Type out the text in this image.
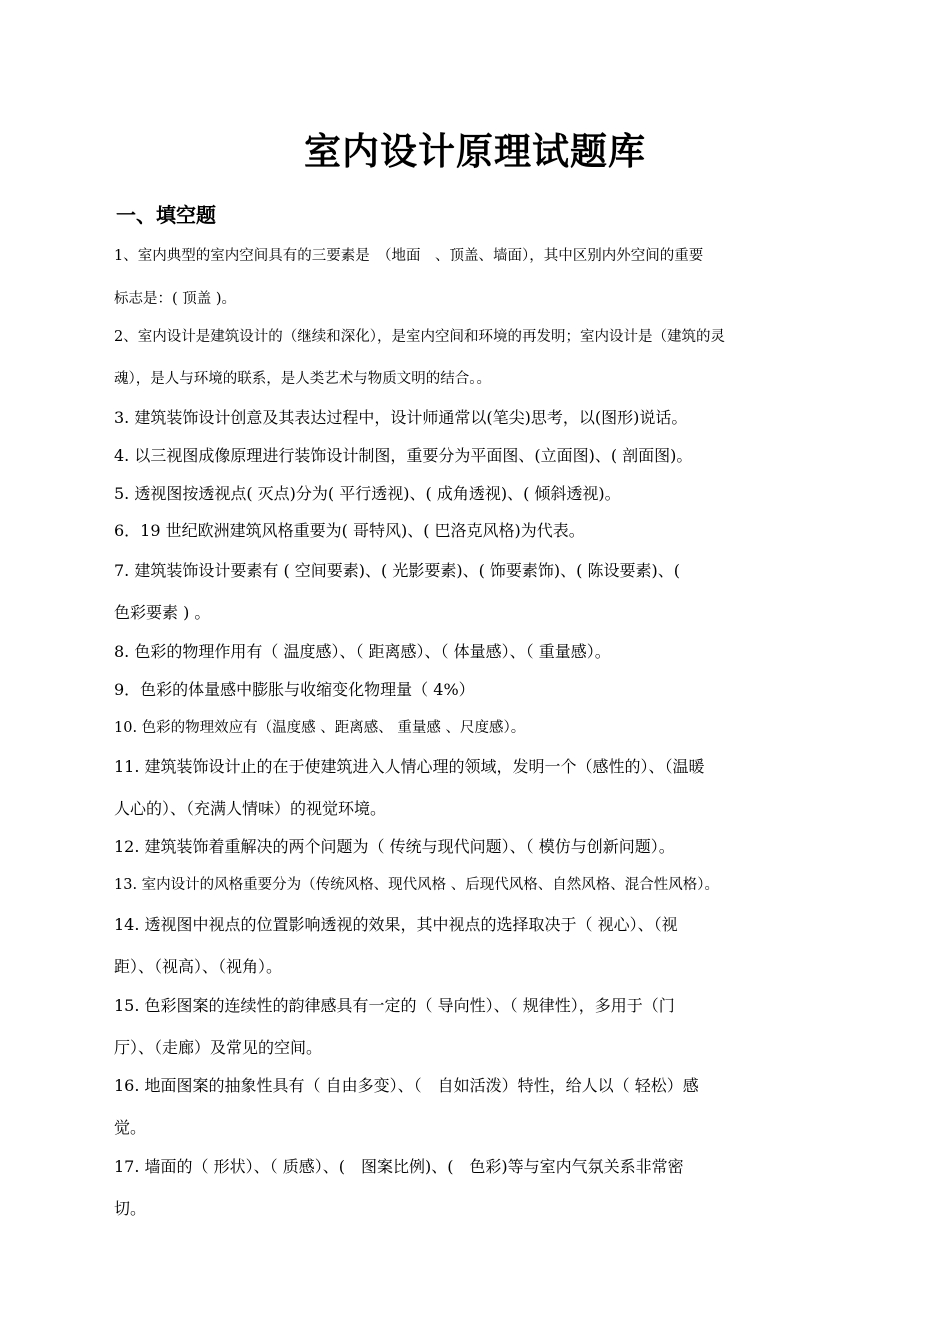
室内设计原理试题库
一、填空题

1、室内典型的室内空间具有的三要素是　（地面　、顶盖、墙面），其中区别内外空间的重要

标志是：( 顶盖 )。

2、室内设计是建筑设计的（继续和深化），是室内空间和环境的再发明；室内设计是（建筑的灵

魂），是人与环境的联系，是人类艺术与物质文明的结合。。

3. 建筑装饰设计创意及其表达过程中，设计师通常以(笔尖)思考，以(图形)说话。

4. 以三视图成像原理进行装饰设计制图，重要分为平面图、(立面图)、( 剖面图)。

5. 透视图按透视点( 灭点)分为( 平行透视)、( 成角透视)、( 倾斜透视)。

6．19 世纪欧洲建筑风格重要为( 哥特风)、( 巴洛克风格)为代表。

7. 建筑装饰设计要素有 ( 空间要素)、( 光影要素)、( 饰要素饰)、( 陈设要素)、(

色彩要素 ) 。

8. 色彩的物理作用有（ 温度感）、（ 距离感）、（ 体量感）、（ 重量感）。

9．色彩的体量感中膨胀与收缩变化物理量（ 4%）

10. 色彩的物理效应有（温度感 、距离感、 重量感 、尺度感）。

11. 建筑装饰设计止的在于使建筑进入人情心理的领域，发明一个（感性的）、（温暖

人心的）、（充满人情味）的视觉环境。

12. 建筑装饰着重解决的两个问题为（ 传统与现代问题）、（ 模仿与创新问题）。

13. 室内设计的风格重要分为（传统风格、现代风格 、后现代风格、自然风格、混合性风格）。

14. 透视图中视点的位置影响透视的效果，其中视点的选择取决于（ 视心）、（视

距）、（视高）、（视角）。

15. 色彩图案的连续性的韵律感具有一定的（ 导向性）、（ 规律性），多用于（门

厅）、（走廊）及常见的空间。

16. 地面图案的抽象性具有（ 自由多变）、（　自如活泼）特性，给人以（ 轻松）感

觉。

17. 墙面的（ 形状）、（ 质感）、(　图案比例)、(　色彩)等与室内气氛关系非常密

切。
